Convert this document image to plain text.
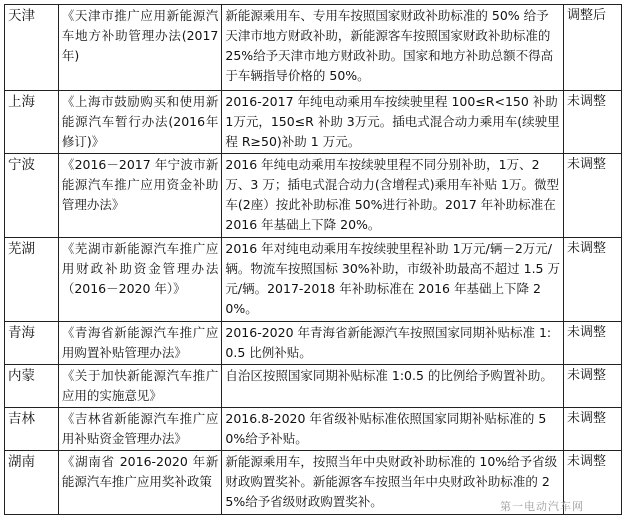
天津	《天津市推广应用新能源汽车地方补助管理办法(2017年)	新能源乘用车、专用车按照国家财政补助标准的 50% 给予天津市地方财政补助，新能源客车按照国家财政补助标准的 25%给予天津市地方财政补助。国家和地方补助总额不得高于车辆指导价格的 50%。	调整后

上海	《上海市鼓励购买和使用新能源汽车暂行办法(2016年修订)》	2016-2017 年纯电动乘用车按续驶里程 100≤R<150 补助 1万元，150≤R 补助 3万元。插电式混合动力乘用车(续驶里程 R≥50)补助 1 万元。	未调整

宁波	《2016－2017 年宁波市新能源汽车推广应用资金补助管理办法》	2016 年纯电动乘用车按续驶里程不同分别补助，1万、2 万、3 万；插电式混合动力(含增程式)乘用车补贴 1万。微型车(2座）按此补助标准 50%进行补助。2017 年补助标准在 2016 年基础上下降 20%。	未调整

芜湖	《芜湖市新能源汽车推广应用财政补助资金管理办法（2016－2020 年）》	2016 年对纯电动乘用车按续驶里程补助 1万元/辆－2万元/辆。物流车按照国标 30%补助，市级补助最高不超过 1.5 万元/辆。2017-2018 年补助标准在 2016 年基础上下降 20%。	未调整

青海	《青海省新能源汽车推广应用购置补贴管理办法》	2016-2020 年青海省新能源汽车按照国家同期补贴标准 1:0.5 比例补贴。	未调整

内蒙	《关于加快新能源汽车推广应用的实施意见》	自治区按照国家同期补贴标准 1:0.5 的比例给予购置补助。	未调整

吉林	《吉林省新能源汽车推广应用补贴资金管理办法》	2016.8-2020 年省级补贴标准依照国家同期补贴标准的 50%给予补贴。	未调整

湖南	《湖南省 2016-2020 年新能源汽车推广应用奖补政策	新能源乘用车，按照当年中央财政补助标准的 10%给予省级财政购置奖补。新能源客车按照当年中央财政补助标准的 25%给予省级财政购置奖补。	未调整
第一电动汽车网
